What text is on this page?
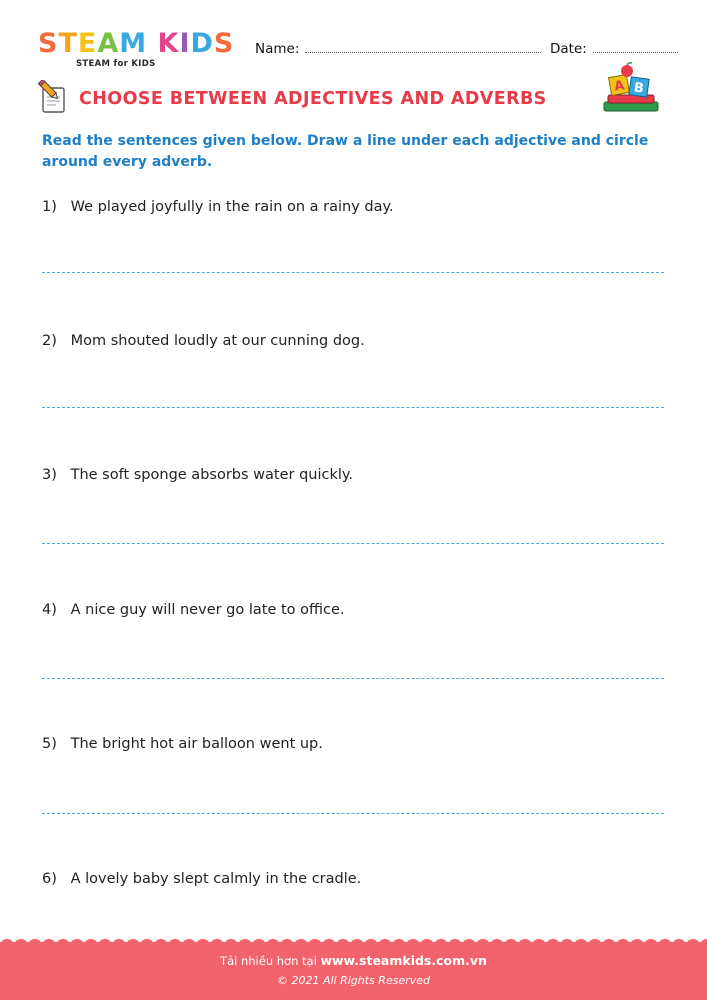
STEAM KIDS
STEAM for KIDS
Name:	Date:
CHOOSE BETWEEN ADJECTIVES AND ADVERBS
A B
Read the sentences given below. Draw a line under each adjective and circle around every adverb.
1) We played joyfully in the rain on a rainy day.
2) Mom shouted loudly at our cunning dog.
3) The soft sponge absorbs water quickly.
4) A nice guy will never go late to office.
5) The bright hot air balloon went up.
6) A lovely baby slept calmly in the cradle.
Tải nhiều hơn tại www.steamkids.com.vn
© 2021 All Rights Reserved
